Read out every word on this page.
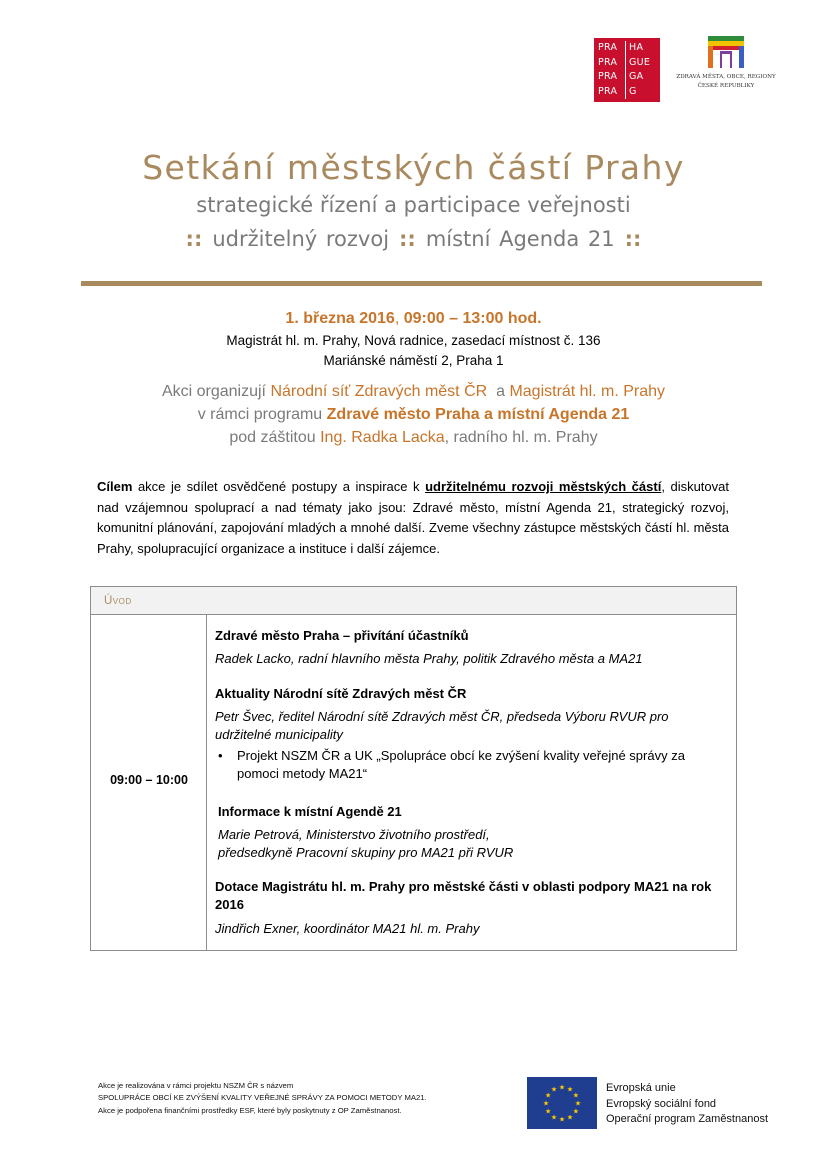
PRA	HA
PRA	GUE
PRA	GA
PRA	G
ZDRAVÁ MĚSTA, OBCE, REGIONY
ČESKÉ REPUBLIKY
Setkání městských částí Prahy
strategické řízení a participace veřejnosti
:: udržitelný rozvoj :: místní Agenda 21 ::
1. března 2016, 09:00 – 13:00 hod.
Magistrát hl. m. Prahy, Nová radnice, zasedací místnost č. 136
Mariánské náměstí 2, Praha 1
Akci organizují Národní síť Zdravých měst ČR a Magistrát hl. m. Prahy
v rámci programu Zdravé město Praha a místní Agenda 21
pod záštitou Ing. Radka Lacka, radního hl. m. Prahy
Cílem akce je sdílet osvědčené postupy a inspirace k udržitelnému rozvoji městských částí, diskutovat nad vzájemnou spoluprací a nad tématy jako jsou: Zdravé město, místní Agenda 21, strategický rozvoj, komunitní plánování, zapojování mladých a mnohé další. Zveme všechny zástupce městských částí hl. města Prahy, spolupracující organizace a instituce i další zájemce.
Úvod
09:00 – 10:00
Zdravé město Praha – přivítání účastníků
Radek Lacko, radní hlavního města Prahy, politik Zdravého města a MA21
Aktuality Národní sítě Zdravých měst ČR
Petr Švec, ředitel Národní sítě Zdravých měst ČR, předseda Výboru RVUR pro udržitelné municipality
• Projekt NSZM ČR a UK „Spolupráce obcí ke zvýšení kvality veřejné správy za pomoci metody MA21“
Informace k místní Agendě 21
Marie Petrová, Ministerstvo životního prostředí,
předsedkyně Pracovní skupiny pro MA21 při RVUR
Dotace Magistrátu hl. m. Prahy pro městské části v oblasti podpory MA21 na rok 2016
Jindřich Exner, koordinátor MA21 hl. m. Prahy
Akce je realizována v rámci projektu NSZM ČR s názvem
SPOLUPRÁCE OBCÍ KE ZVÝŠENÍ KVALITY VEŘEJNÉ SPRÁVY ZA POMOCI METODY MA21.
Akce je podpořena finančními prostředky ESF, které byly poskytnuty z OP Zaměstnanost.
★ ★
★
★
★
★
★
★
★
★
★
★	Evropská unie
Evropský sociální fond
Operační program Zaměstnanost
